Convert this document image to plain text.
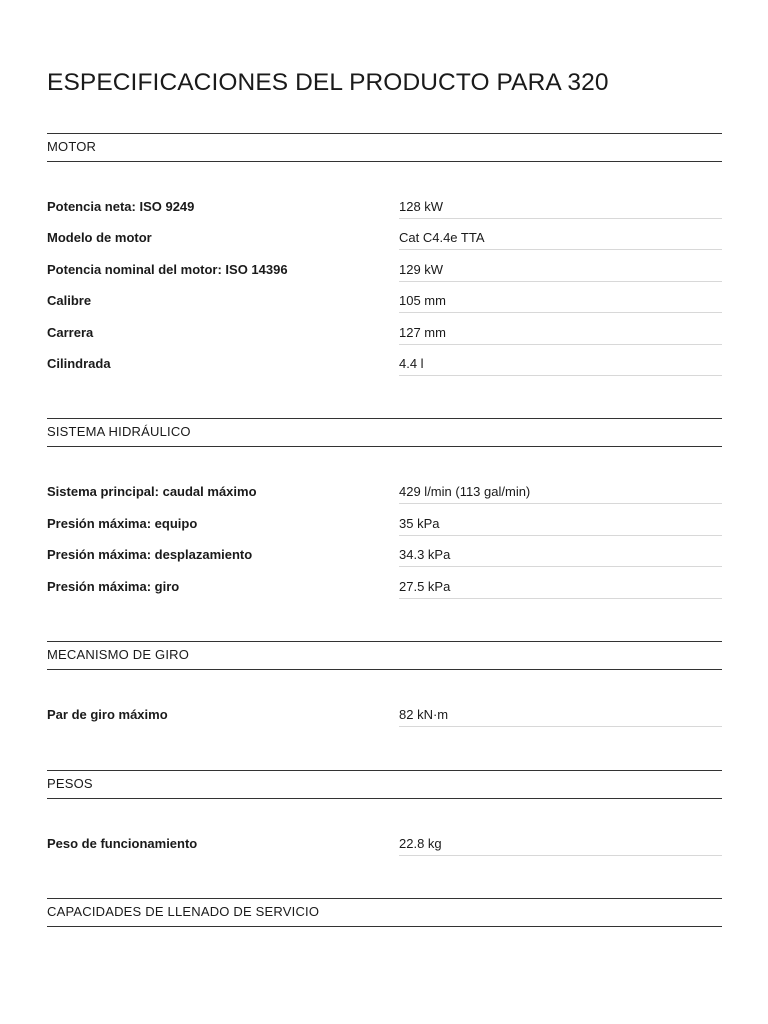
ESPECIFICACIONES DEL PRODUCTO PARA 320
MOTOR
Potencia neta: ISO 9249	128 kW
Modelo de motor	Cat C4.4e TTA
Potencia nominal del motor: ISO 14396	129 kW
Calibre	105 mm
Carrera	127 mm
Cilindrada	4.4 l
SISTEMA HIDRÁULICO
Sistema principal: caudal máximo	429 l/min (113 gal/min)
Presión máxima: equipo	35 kPa
Presión máxima: desplazamiento	34.3 kPa
Presión máxima: giro	27.5 kPa
MECANISMO DE GIRO
Par de giro máximo	82 kN·m
PESOS
Peso de funcionamiento	22.8 kg
CAPACIDADES DE LLENADO DE SERVICIO
